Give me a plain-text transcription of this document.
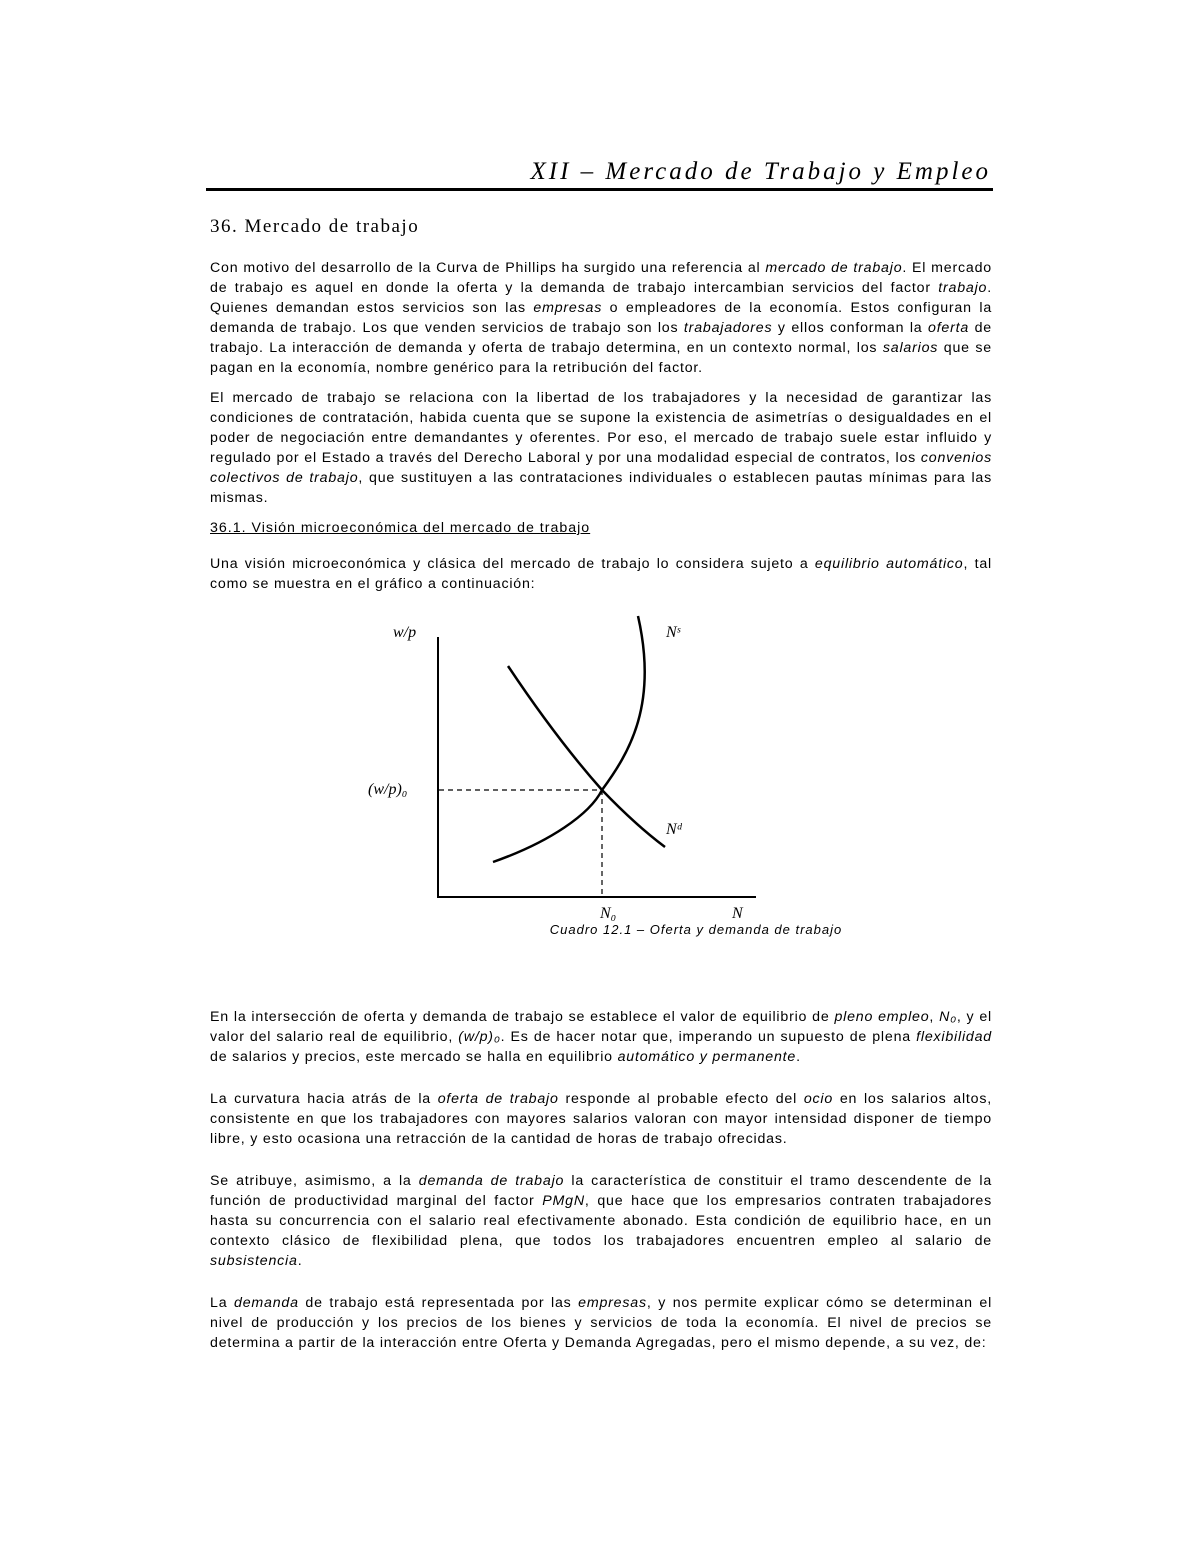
XII – Mercado de Trabajo y Empleo
36. Mercado de trabajo

Con motivo del desarrollo de la Curva de Phillips ha surgido una referencia al mercado de trabajo. El mercado de trabajo es aquel en donde la oferta y la demanda de trabajo intercambian servicios del factor trabajo. Quienes demandan estos servicios son las empresas o empleadores de la economía. Estos configuran la demanda de trabajo. Los que venden servicios de trabajo son los trabajadores y ellos conforman la oferta de trabajo. La interacción de demanda y oferta de trabajo determina, en un contexto normal, los salarios que se pagan en la economía, nombre genérico para la retribución del factor.

El mercado de trabajo se relaciona con la libertad de los trabajadores y la necesidad de garantizar las condiciones de contratación, habida cuenta que se supone la existencia de asimetrías o desigualdades en el poder de negociación entre demandantes y oferentes. Por eso, el mercado de trabajo suele estar influido y regulado por el Estado a través del Derecho Laboral y por una modalidad especial de contratos, los convenios colectivos de trabajo, que sustituyen a las contrataciones individuales o establecen pautas mínimas para las mismas.

36.1. Visión microeconómica del mercado de trabajo

Una visión microeconómica y clásica del mercado de trabajo lo considera sujeto a equilibrio automático, tal como se muestra en el gráfico a continuación:

w/p
(w/p)₀
N
N₀
Nˢ
Nᵈ
Cuadro 12.1 – Oferta y demanda de trabajo

En la intersección de oferta y demanda de trabajo se establece el valor de equilibrio de pleno empleo, N₀, y el valor del salario real de equilibrio, (w/p)₀. Es de hacer notar que, imperando un supuesto de plena flexibilidad de salarios y precios, este mercado se halla en equilibrio automático y permanente.

La curvatura hacia atrás de la oferta de trabajo responde al probable efecto del ocio en los salarios altos, consistente en que los trabajadores con mayores salarios valoran con mayor intensidad disponer de tiempo libre, y esto ocasiona una retracción de la cantidad de horas de trabajo ofrecidas.

Se atribuye, asimismo, a la demanda de trabajo la característica de constituir el tramo descendente de la función de productividad marginal del factor PMgN, que hace que los empresarios contraten trabajadores hasta su concurrencia con el salario real efectivamente abonado. Esta condición de equilibrio hace, en un contexto clásico de flexibilidad plena, que todos los trabajadores encuentren empleo al salario de subsistencia.

La demanda de trabajo está representada por las empresas, y nos permite explicar cómo se determinan el nivel de producción y los precios de los bienes y servicios de toda la economía. El nivel de precios se determina a partir de la interacción entre Oferta y Demanda Agregadas, pero el mismo depende, a su vez, de:
